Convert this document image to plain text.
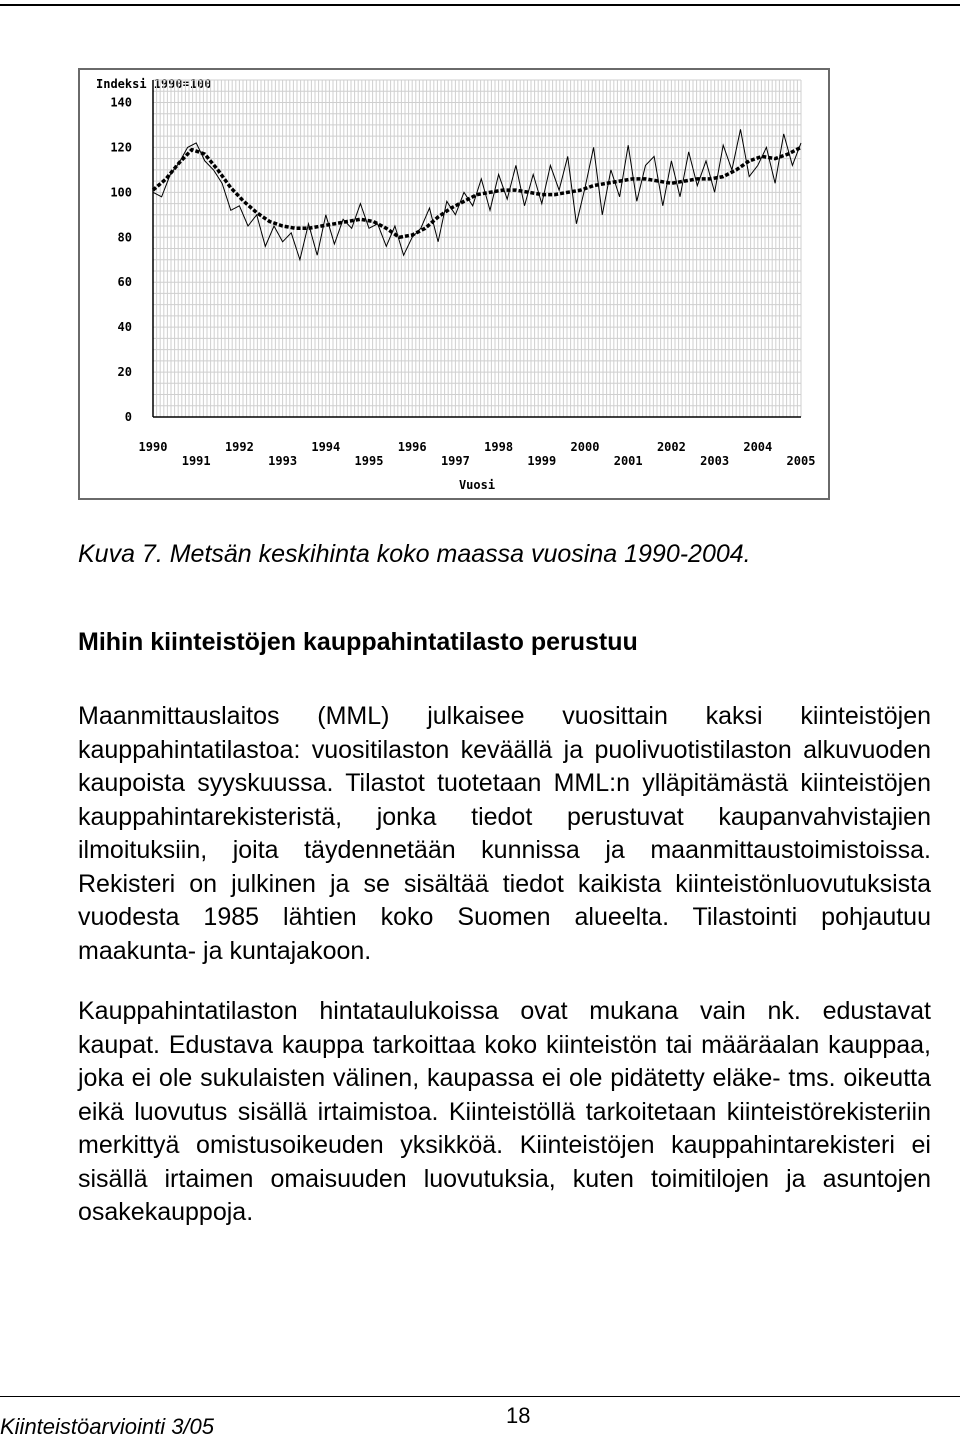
Indeksi 1990=100
Vuosi
0
20
40
60
80
100
120
140
1990	1992	1994	1996	1998	2000	2002	2004
1991	1993	1995	1997	1999	2001	2003	2005
Kuva 7. Metsän keskihinta koko maassa vuosina 1990-2004.
Mihin kiinteistöjen kauppahintatilasto perustuu
Maanmittauslaitos (MML) julkaisee vuosittain kaksi kiinteistöjen kauppahintatilastoa: vuositilaston keväällä ja puolivuotistilaston alkuvuoden kaupoista syyskuussa. Tilastot tuotetaan MML:n ylläpitämästä kiinteistöjen kauppahintarekisteristä, jonka tiedot perustuvat kaupanvahvistajien ilmoituksiin, joita täydennetään kunnissa ja maanmittaustoimistoissa. Rekisteri on julkinen ja se sisältää tiedot kaikista kiinteistönluovutuksista vuodesta 1985 lähtien koko Suomen alueelta. Tilastointi pohjautuu maakunta- ja kuntajakoon.
Kauppahintatilaston hintataulukoissa ovat mukana vain nk. edustavat kaupat. Edustava kauppa tarkoittaa koko kiinteistön tai määräalan kauppaa, joka ei ole sukulaisten välinen, kaupassa ei ole pidätetty eläke- tms. oikeutta eikä luovutus sisällä irtaimistoa. Kiinteistöllä tarkoitetaan kiinteistörekisteriin merkittyä omistusoikeuden yksikköä. Kiinteistöjen kauppahintarekisteri ei sisällä irtaimen omaisuuden luovutuksia, kuten toimitilojen ja asuntojen osakekauppoja.
Kiinteistöarviointi 3/05	18
